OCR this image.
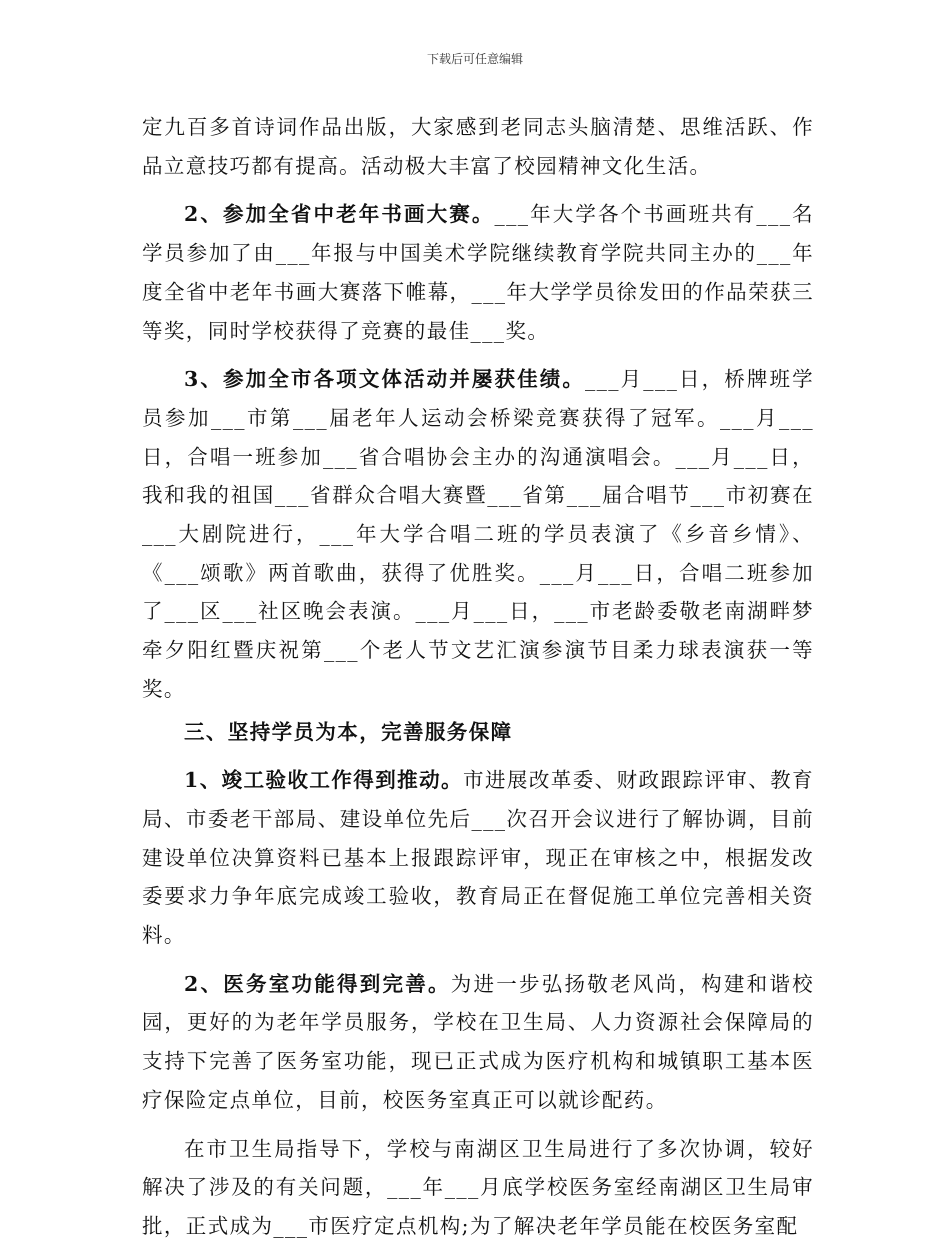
下载后可任意编辑

定九百多首诗词作品出版，大家感到老同志头脑清楚、思维活跃、作品立意技巧都有提高。活动极大丰富了校园精神文化生活。

2、参加全省中老年书画大赛。___年大学各个书画班共有___名学员参加了由___年报与中国美术学院继续教育学院共同主办的___年度全省中老年书画大赛落下帷幕，___年大学学员徐发田的作品荣获三等奖，同时学校获得了竞赛的最佳___奖。

3、参加全市各项文体活动并屡获佳绩。___月___日，桥牌班学员参加___市第___届老年人运动会桥梁竞赛获得了冠军。___月___日，合唱一班参加___省合唱协会主办的沟通演唱会。___月___日，我和我的祖国___省群众合唱大赛暨___省第___届合唱节___市初赛在___大剧院进行，___年大学合唱二班的学员表演了《乡音乡情》、《___颂歌》两首歌曲，获得了优胜奖。___月___日，合唱二班参加了___区___社区晚会表演。___月___日，___市老龄委敬老南湖畔梦牵夕阳红暨庆祝第___个老人节文艺汇演参演节目柔力球表演获一等奖。

三、坚持学员为本，完善服务保障

1、竣工验收工作得到推动。市进展改革委、财政跟踪评审、教育局、市委老干部局、建设单位先后___次召开会议进行了解协调，目前建设单位决算资料已基本上报跟踪评审，现正在审核之中，根据发改委要求力争年底完成竣工验收，教育局正在督促施工单位完善相关资料。

2、医务室功能得到完善。为进一步弘扬敬老风尚，构建和谐校园，更好的为老年学员服务，学校在卫生局、人力资源社会保障局的支持下完善了医务室功能，现已正式成为医疗机构和城镇职工基本医疗保险定点单位，目前，校医务室真正可以就诊配药。

在市卫生局指导下，学校与南湖区卫生局进行了多次协调，较好解决了涉及的有关问题，___年___月底学校医务室经南湖区卫生局审批，正式成为___市医疗定点机构;为了解决老年学员能在校医务室配
